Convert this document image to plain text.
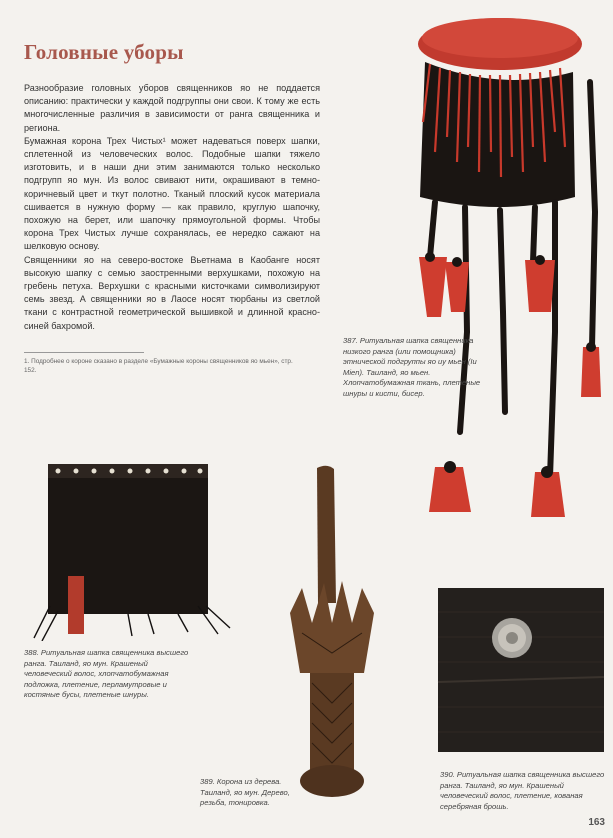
Головные уборы

Разнообразие головных уборов священников яо не поддается описанию: практически у каждой подгруппы они свои. К тому же есть многочисленные различия в зависимости от ранга священника и региона.

Бумажная корона Трех Чистых¹ может надеваться поверх шапки, сплетенной из человеческих волос. Подобные шапки тяжело изготовить, и в наши дни этим занимаются только несколько подгрупп яо мун. Из волос свивают нити, окрашивают в темно-коричневый цвет и ткут полотно. Тканый плоский кусок материала сшивается в нужную форму — как правило, круглую шапочку, похожую на берет, или шапочку прямоугольной формы. Чтобы корона Трех Чистых лучше сохранялась, ее нередко сажают на шелковую основу.

Священники яо на северо-востоке Вьетнама в Каобанге носят высокую шапку с семью заостренными верхушками, похожую на гребень петуха. Верхушки с красными кисточками символизируют семь звезд. А священники яо в Лаосе носят тюрбаны из светлой ткани с контрастной геометрической вышивкой и длинной красно-синей бахромой.

1. Подробнее о короне сказано в разделе «Бумажные короны священников яо мьен», стр. 152.
387. Ритуальная шапка священника низкого ранга (или помощника) этнической подгруппы яо иу мьен (Iu Mien). Таиланд, яо мьен. Хлопчатобумажная ткань, плетеные шнуры и кисти, бисер.
388. Ритуальная шапка священника высшего ранга. Таиланд, яо мун. Крашеный человеческий волос, хлопчатобумажная подложка, плетение, перламутровые и костяные бусы, плетеные шнуры.
389. Корона из дерева. Таиланд, яо мун. Дерево, резьба, тонировка.
390. Ритуальная шапка священника высшего ранга. Таиланд, яо мун. Крашеный человеческий волос, плетение, кованая серебряная брошь.
163
